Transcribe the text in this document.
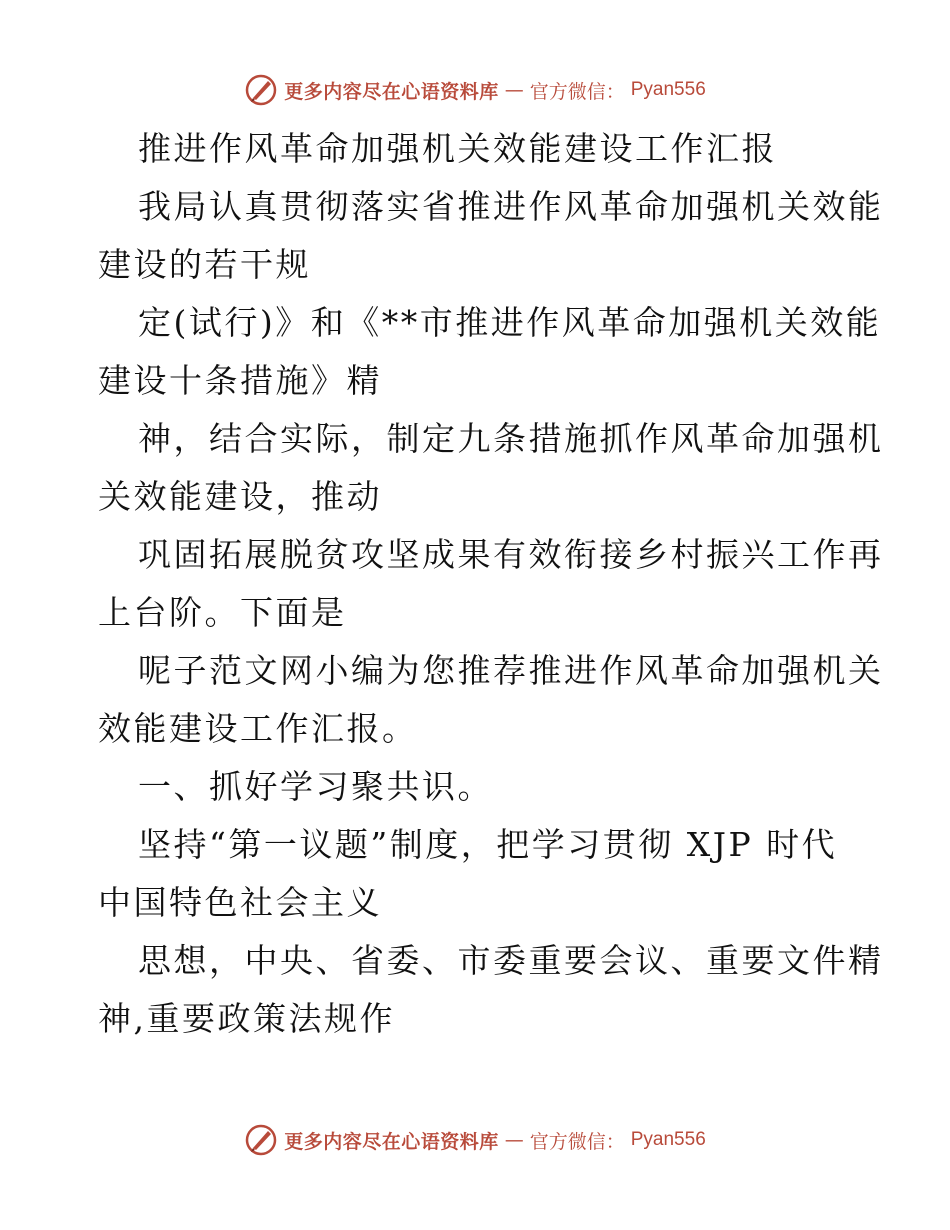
更多内容尽在心语资料库 — 官方微信： Pyan556
推进作风革命加强机关效能建设工作汇报
我局认真贯彻落实省推进作风革命加强机关效能
建设的若干规
定(试行)》和《**市推进作风革命加强机关效能
建设十条措施》精
神，结合实际，制定九条措施抓作风革命加强机
关效能建设，推动
巩固拓展脱贫攻坚成果有效衔接乡村振兴工作再
上台阶。下面是
呢子范文网小编为您推荐推进作风革命加强机关
效能建设工作汇报。
一、抓好学习聚共识。
坚持“第一议题”制度，把学习贯彻 XJP 时代
中国特色社会主义
思想，中央、省委、市委重要会议、重要文件精
神,重要政策法规作
更多内容尽在心语资料库 — 官方微信： Pyan556
